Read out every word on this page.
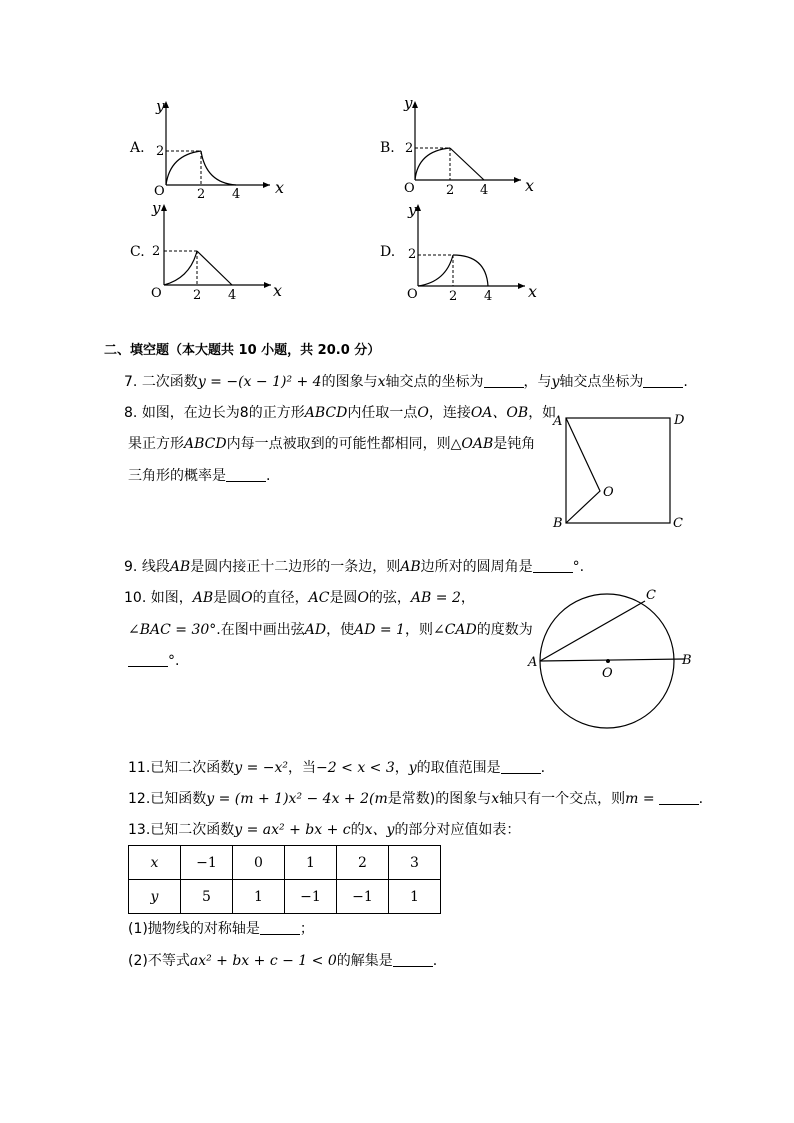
A.
y
x
O
2
2 4
B.
y
x
O
2
2 4
C.
y
x
O
2
2 4
D.
y
x
O
2
2 4
二、填空题（本大题共 10 小题，共 20.0 分）
7. 二次函数y = −(x − 1)² + 4的图象与x轴交点的坐标为	，与y轴交点坐标为	.
8. 如图，在边长为8的正方形ABCD内任取一点O，连接OA、OB，如
果正方形ABCD内每一点被取到的可能性都相同，则△OAB是钝角
三角形的概率是	.
A	D
B	C
O
9. 线段AB是圆内接正十二边形的一条边，则AB边所对的圆周角是	°.
10. 如图，AB是圆O的直径，AC是圆O的弦，AB = 2，
∠BAC = 30°.在图中画出弦AD，使AD = 1，则∠CAD的度数为
°.	A	B
C
O
11.已知二次函数y = −x²，当−2 < x < 3，y的取值范围是	.
12.已知函数y = (m + 1)x² − 4x + 2(m是常数)的图象与x轴只有一个交点，则m =	.
13.已知二次函数y = ax² + bx + c的x、y的部分对应值如表：
x	−1	0	1	2	3
y	5	1	−1	−1	1
(1)抛物线的对称轴是	；
(2)不等式ax² + bx + c − 1 < 0的解集是	.
